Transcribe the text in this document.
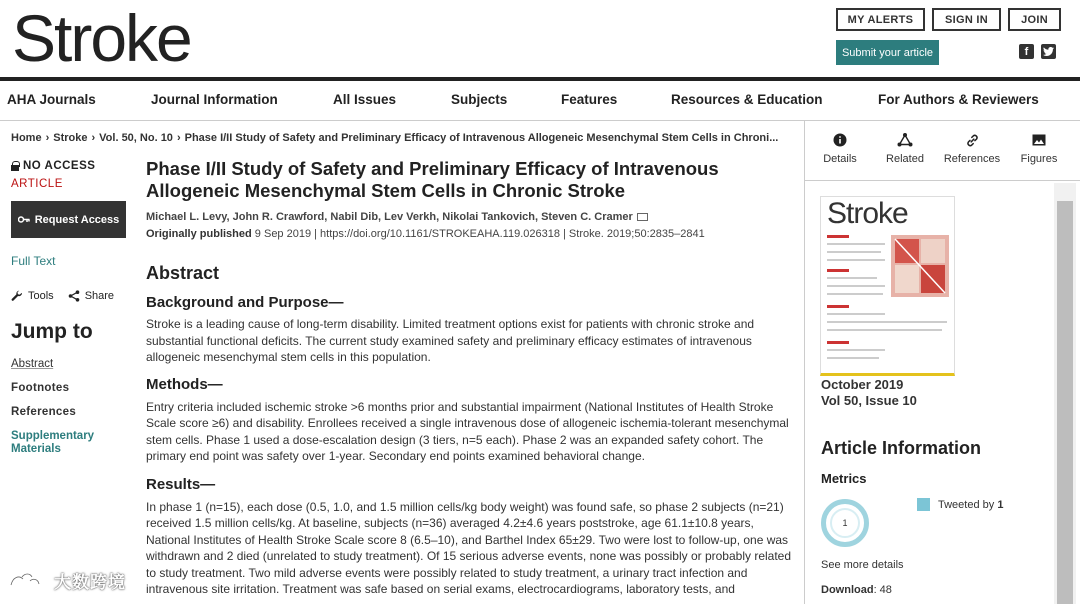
Stroke	MY ALERTS	SIGN IN	JOIN
Submit your article	f
AHA Journals	Journal Information	All Issues	Subjects	Features	Resources & Education	For Authors & Reviewers
Home › Stroke › Vol. 50, No. 10 › Phase I/II Study of Safety and Preliminary Efficacy of Intravenous Allogeneic Mesenchymal Stem Cells in Chroni...
NO ACCESS
ARTICLE
Request Access
Full Text
Tools	Share
Jump to
Abstract
Footnotes
References
Supplementary Materials
Phase I/II Study of Safety and Preliminary Efficacy of Intravenous Allogeneic Mesenchymal Stem Cells in Chronic Stroke
Michael L. Levy, John R. Crawford, Nabil Dib, Lev Verkh, Nikolai Tankovich, Steven C. Cramer
Originally published 9 Sep 2019 | https://doi.org/10.1161/STROKEAHA.119.026318 | Stroke. 2019;50:2835–2841
Abstract
Background and Purpose—
Stroke is a leading cause of long-term disability. Limited treatment options exist for patients with chronic stroke and substantial functional deficits. The current study examined safety and preliminary efficacy estimates of intravenous allogeneic mesenchymal stem cells in this population.
Methods—
Entry criteria included ischemic stroke >6 months prior and substantial impairment (National Institutes of Health Stroke Scale score ≥6) and disability. Enrollees received a single intravenous dose of allogeneic ischemia-tolerant mesenchymal stem cells. Phase 1 used a dose-escalation design (3 tiers, n=5 each). Phase 2 was an expanded safety cohort. The primary end point was safety over 1-year. Secondary end points examined behavioral change.
Results—
In phase 1 (n=15), each dose (0.5, 1.0, and 1.5 million cells/kg body weight) was found safe, so phase 2 subjects (n=21) received 1.5 million cells/kg. At baseline, subjects (n=36) averaged 4.2±4.6 years poststroke, age 61.1±10.8 years, National Institutes of Health Stroke Scale score 8 (6.5–10), and Barthel Index 65±29. Two were lost to follow-up, one was withdrawn and 2 died (unrelated to study treatment). Of 15 serious adverse events, none was possibly or probably related to study treatment. Two mild adverse events were possibly related to study treatment, a urinary tract infection and intravenous site irritation. Treatment was safe based on serial exams, electrocardiograms, laboratory tests, and
Details	Related	References	Figures
Stroke
October 2019
Vol 50, Issue 10
Article Information
Metrics
1
Tweeted by 1
See more details
Download: 48
大数跨境
